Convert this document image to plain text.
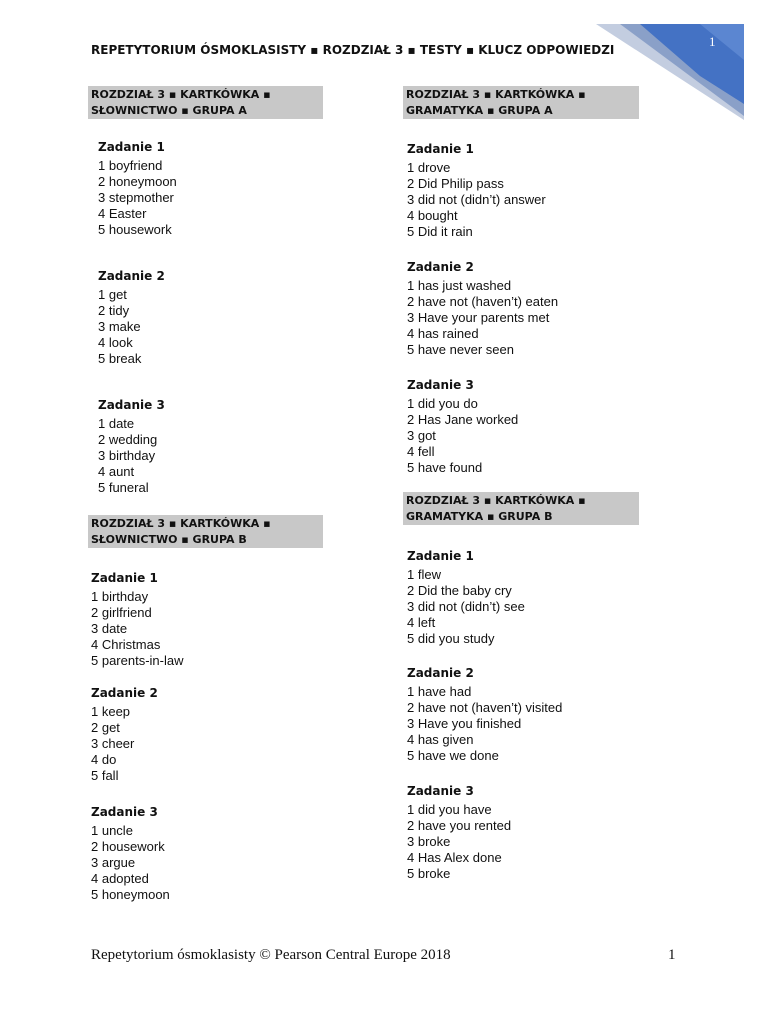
1
REPETYTORIUM ÓSMOKLASISTY ▪ ROZDZIAŁ 3 ▪ TESTY ▪ KLUCZ ODPOWIEDZI
ROZDZIAŁ 3 ▪ KARTKÓWKA ▪
SŁOWNICTWO ▪ GRUPA A
Zadanie 1
1 boyfriend
2 honeymoon
3 stepmother
4 Easter
5 housework
Zadanie 2
1 get
2 tidy
3 make
4 look
5 break
Zadanie 3
1 date
2 wedding
3 birthday
4 aunt
5 funeral
ROZDZIAŁ 3 ▪ KARTKÓWKA ▪
SŁOWNICTWO ▪ GRUPA B
Zadanie 1
1 birthday
2 girlfriend
3 date
4 Christmas
5 parents-in-law
Zadanie 2
1 keep
2 get
3 cheer
4 do
5 fall
Zadanie 3
1 uncle
2 housework
3 argue
4 adopted
5 honeymoon
ROZDZIAŁ 3 ▪ KARTKÓWKA ▪
GRAMATYKA ▪ GRUPA A
Zadanie 1
1 drove
2 Did Philip pass
3 did not (didn’t) answer
4 bought
5 Did it rain
Zadanie 2
1 has just washed
2 have not (haven’t) eaten
3 Have your parents met
4 has rained
5 have never seen
Zadanie 3
1 did you do
2 Has Jane worked
3 got
4 fell
5 have found
ROZDZIAŁ 3 ▪ KARTKÓWKA ▪
GRAMATYKA ▪ GRUPA B
Zadanie 1
1 flew
2 Did the baby cry
3 did not (didn’t) see
4 left
5 did you study
Zadanie 2
1 have had
2 have not (haven’t) visited
3 Have you finished
4 has given
5 have we done
Zadanie 3
1 did you have
2 have you rented
3 broke
4 Has Alex done
5 broke
Repetytorium ósmoklasisty © Pearson Central Europe 2018	1
